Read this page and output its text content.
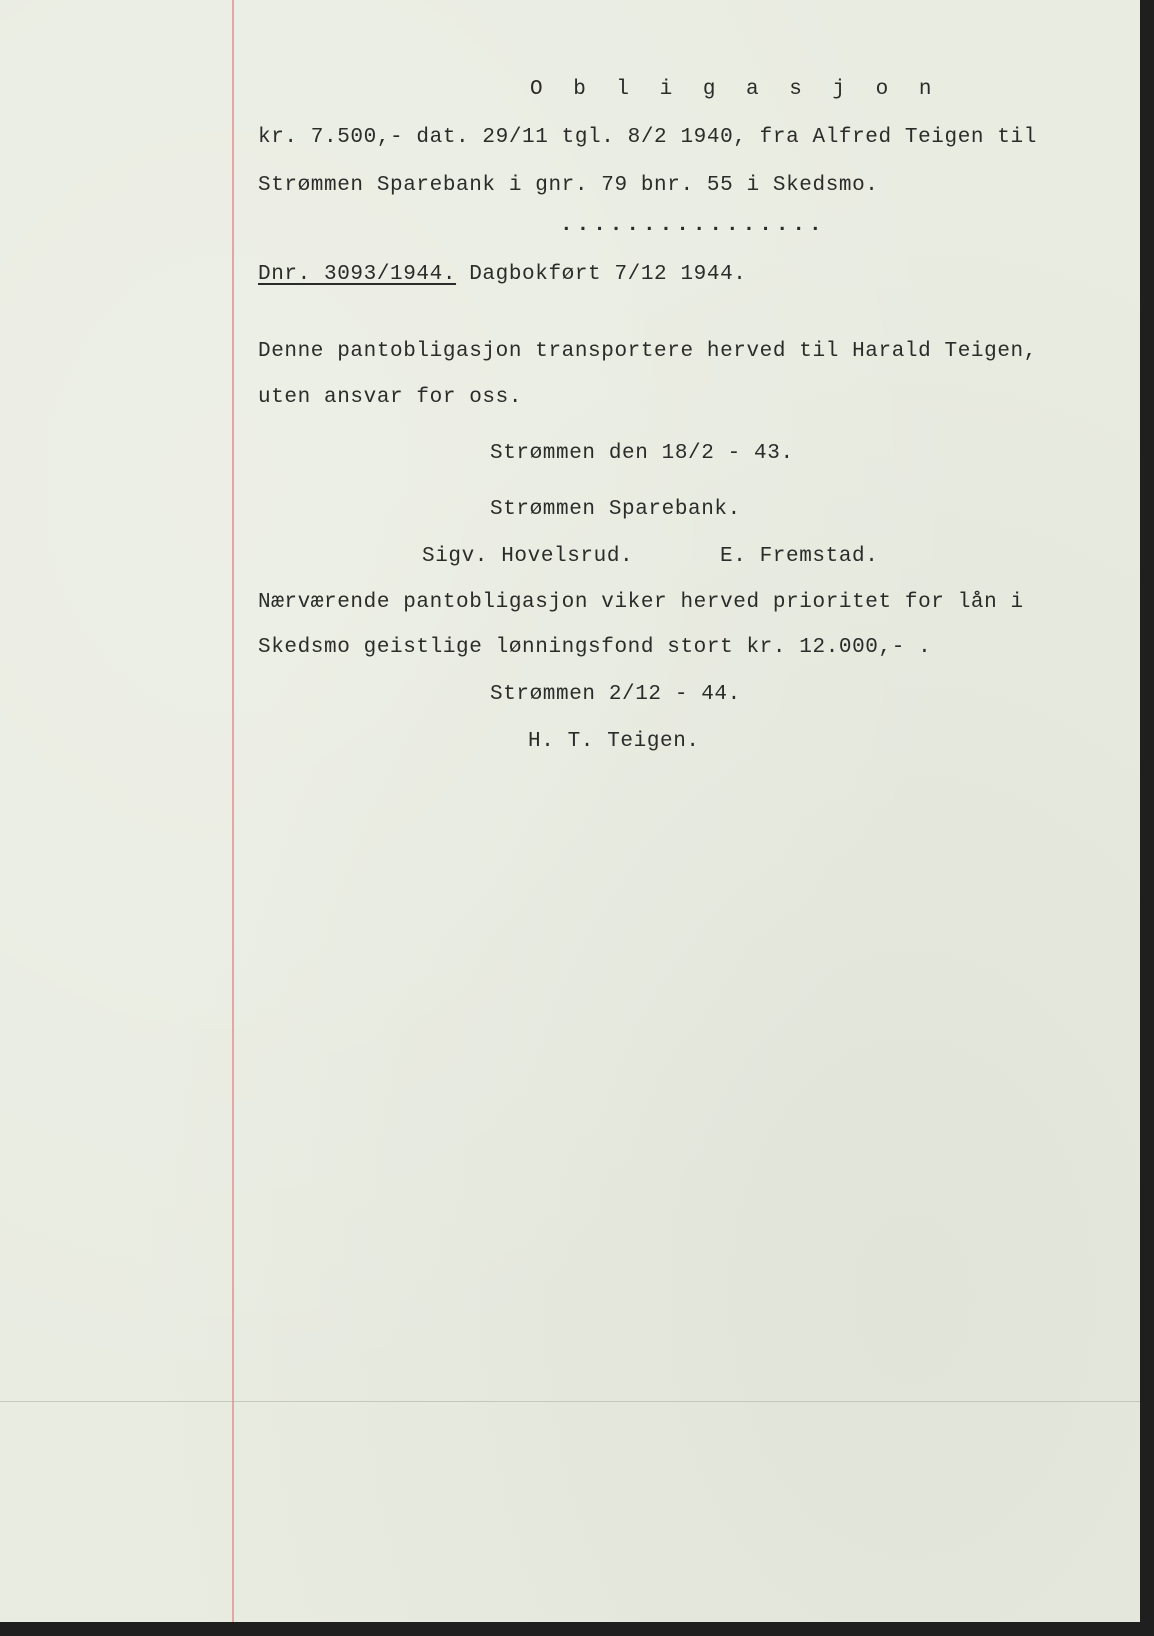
O b l i g a s j o n
kr. 7.500,- dat. 29/11 tgl. 8/2 1940, fra Alfred Teigen til
Strømmen Sparebank i gnr. 79 bnr. 55 i Skedsmo.
................
Dnr. 3093/1944. Dagbokført 7/12 1944.
Denne pantobligasjon transportere herved til Harald Teigen,
uten ansvar for oss.
Strømmen den 18/2 - 43.
Strømmen Sparebank.
Sigv. Hovelsrud.	E. Fremstad.
Nærværende pantobligasjon viker herved prioritet for lån i
Skedsmo geistlige lønningsfond stort kr. 12.000,- .
Strømmen 2/12 - 44.
H. T. Teigen.
